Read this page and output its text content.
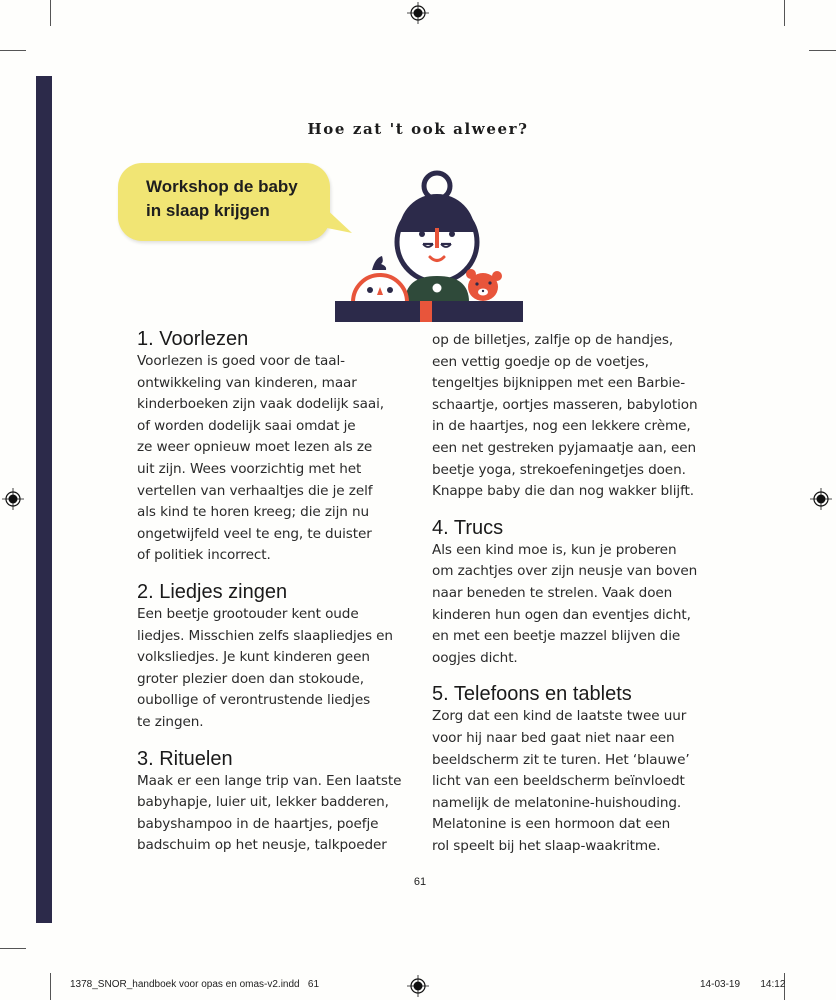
Hoe zat 't ook alweer?
Workshop de baby
in slaap krijgen
1. Voorlezen

Voorlezen is goed voor de taal-
ontwikkeling van kinderen, maar
kinderboeken zijn vaak dodelijk saai,
of worden dodelijk saai omdat je
ze weer opnieuw moet lezen als ze
uit zijn. Wees voorzichtig met het
vertellen van verhaaltjes die je zelf
als kind te horen kreeg; die zijn nu
ongetwijfeld veel te eng, te duister
of politiek incorrect.

2. Liedjes zingen

Een beetje grootouder kent oude
liedjes. Misschien zelfs slaapliedjes en
volksliedjes. Je kunt kinderen geen
groter plezier doen dan stokoude,
oubollige of verontrustende liedjes
te zingen.

3. Rituelen

Maak er een lange trip van. Een laatste
babyhapje, luier uit, lekker badderen,
babyshampoo in de haartjes, poefje
badschuim op het neusje, talkpoeder

op de billetjes, zalfje op de handjes,
een vettig goedje op de voetjes,
tengeltjes bijknippen met een Barbie-
schaartje, oortjes masseren, babylotion
in de haartjes, nog een lekkere crème,
een net gestreken pyjamaatje aan, een
beetje yoga, strekoefeningetjes doen.
Knappe baby die dan nog wakker blijft.

4. Trucs

Als een kind moe is, kun je proberen
om zachtjes over zijn neusje van boven
naar beneden te strelen. Vaak doen
kinderen hun ogen dan eventjes dicht,
en met een beetje mazzel blijven die
oogjes dicht.

5. Telefoons en tablets

Zorg dat een kind de laatste twee uur
voor hij naar bed gaat niet naar een
beeldscherm zit te turen. Het ‘blauwe’
licht van een beeldscherm beïnvloedt
namelijk de melatonine-huishouding.
Melatonine is een hormoon dat een
rol speelt bij het slaap-waakritme.

61
1378_SNOR_handboek voor opas en omas-v2.indd   61	14-03-19   14:12
